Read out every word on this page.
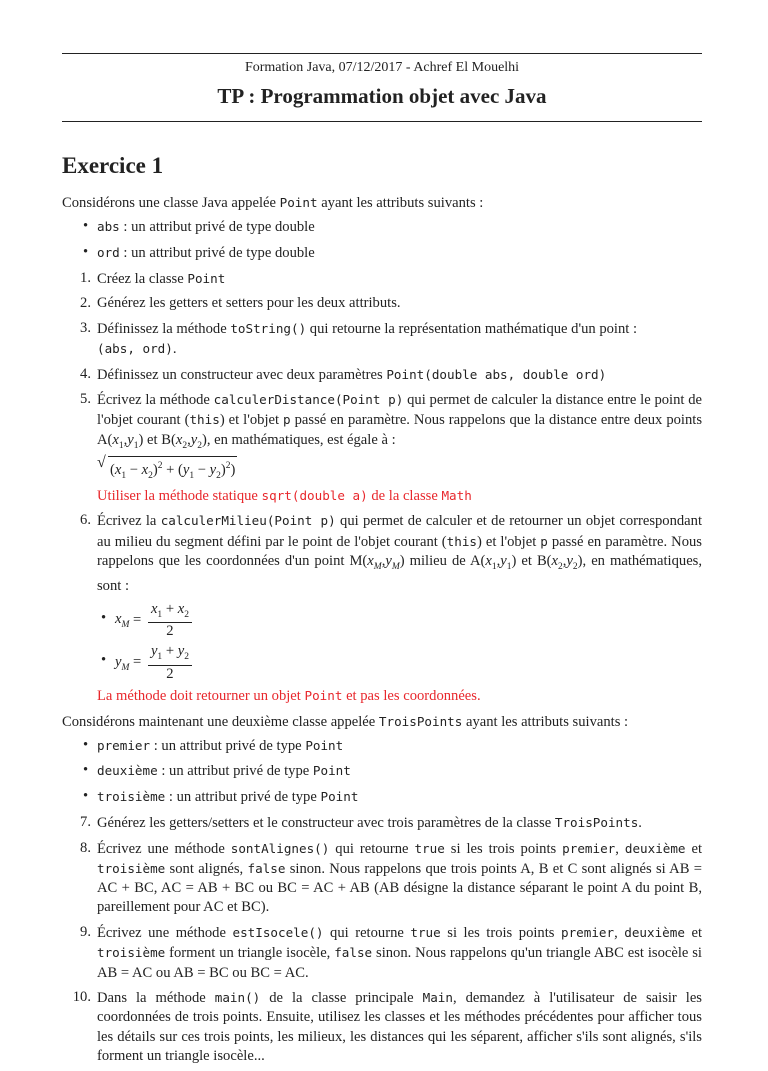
Formation Java, 07/12/2017 - Achref El Mouelhi
TP : Programmation objet avec Java
Exercice 1

Considérons une classe Java appelée Point ayant les attributs suivants :

• abs : un attribut privé de type double
• ord : un attribut privé de type double
1. Créez la classe Point
2. Générez les getters et setters pour les deux attributs.
3. Définissez la méthode toString() qui retourne la représentation mathématique d'un point :
(abs, ord).
4. Définissez un constructeur avec deux paramètres Point(double abs, double ord)
5. Écrivez la méthode calculerDistance(Point p) qui permet de calculer la distance entre le point de l'objet courant (this) et l'objet p passé en paramètre. Nous rappelons que la distance entre deux points $A(x_1,y_1)$ et $B(x_2,y_2)$, en mathématiques, est égale à :

√ $(x_1 - x_2)^2 + (y_1 - y_2)^2$)
Utiliser la méthode statique sqrt(double a) de la classe Math
6. Écrivez la calculerMilieu(Point p) qui permet de calculer et de retourner un objet correspondant au milieu du segment défini par le point de l'objet courant (this) et l'objet p passé en paramètre. Nous rappelons que les coordonnées d'un point $M(x_M,y_M)$ milieu de $A(x_1,y_1)$ et $B(x_2,y_2)$, en mathématiques, sont :
• $x_M = \frac{x_1 + x_2}{2}$
• $y_M = \frac{y_1 + y_2}{2}$
La méthode doit retourner un objet Point et pas les coordonnées.

Considérons maintenant une deuxième classe appelée TroisPoints ayant les attributs suivants :

• premier : un attribut privé de type Point
• deuxième : un attribut privé de type Point
• troisième : un attribut privé de type Point
7. Générez les getters/setters et le constructeur avec trois paramètres de la classe TroisPoints.
8. Écrivez une méthode sontAlignes() qui retourne true si les trois points premier, deuxième et troisième sont alignés, false sinon. Nous rappelons que trois points A, B et C sont alignés si AB = AC + BC, AC = AB + BC ou BC = AC + AB (AB désigne la distance séparant le point A du point B, pareillement pour AC et BC).
9. Écrivez une méthode estIsocele() qui retourne true si les trois points premier, deuxième et troisième forment un triangle isocèle, false sinon. Nous rappelons qu'un triangle ABC est isocèle si AB = AC ou AB = BC ou BC = AC.
10. Dans la méthode main() de la classe principale Main, demandez à l'utilisateur de saisir les coordonnées de trois points. Ensuite, utilisez les classes et les méthodes précédentes pour afficher tous les détails sur ces trois points, les milieux, les distances qui les séparent, afficher s'ils sont alignés, s'ils forment un triangle isocèle...
